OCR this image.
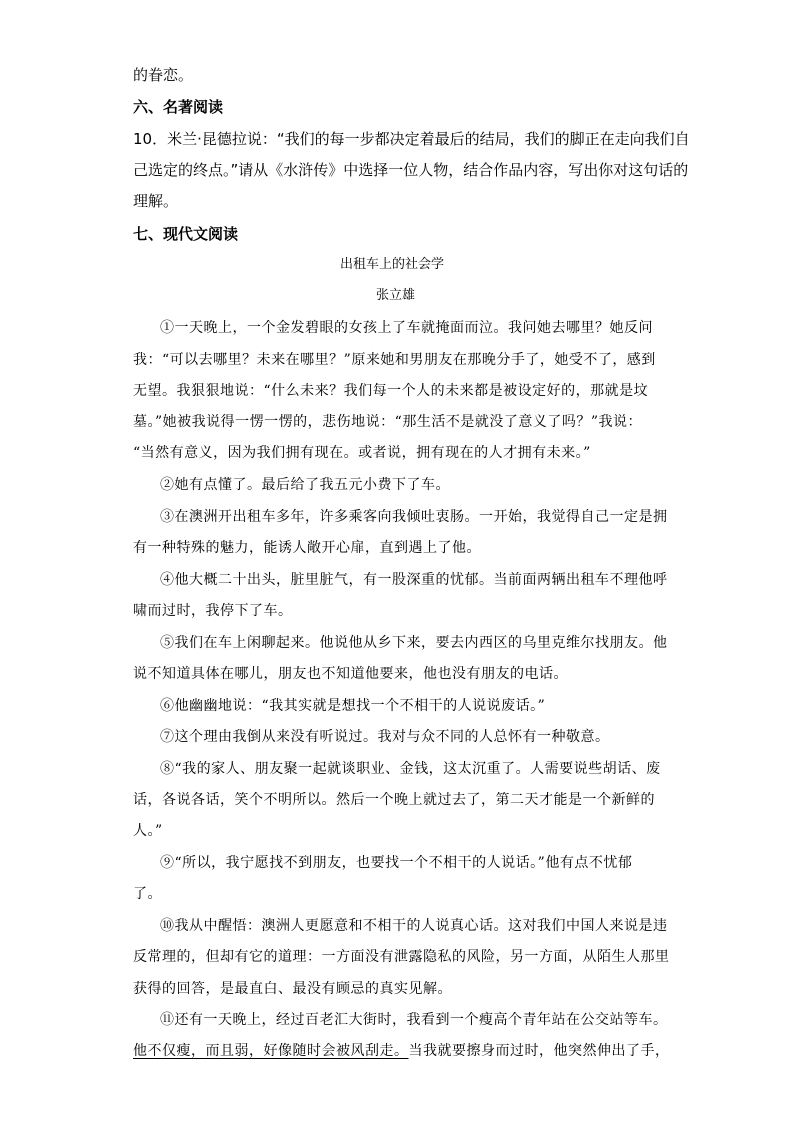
的眷恋。
六、名著阅读
10．米兰·昆德拉说：“我们的每一步都决定着最后的结局，我们的脚正在走向我们自
己选定的终点。”请从《水浒传》中选择一位人物，结合作品内容，写出你对这句话的
理解。
七、现代文阅读
出租车上的社会学
张立雄
①一天晚上，一个金发碧眼的女孩上了车就掩面而泣。我问她去哪里？她反问
我：“可以去哪里？未来在哪里？”原来她和男朋友在那晚分手了，她受不了，感到
无望。我狠狠地说：“什么未来？我们每一个人的未来都是被设定好的，那就是坟
墓。”她被我说得一愣一愣的，悲伤地说：“那生活不是就没了意义了吗？”我说：
“当然有意义，因为我们拥有现在。或者说，拥有现在的人才拥有未来。”
②她有点懂了。最后给了我五元小费下了车。
③在澳洲开出租车多年，许多乘客向我倾吐衷肠。一开始，我觉得自己一定是拥
有一种特殊的魅力，能诱人敞开心扉，直到遇上了他。
④他大概二十出头，脏里脏气，有一股深重的忧郁。当前面两辆出租车不理他呼
啸而过时，我停下了车。
⑤我们在车上闲聊起来。他说他从乡下来，要去内西区的乌里克维尔找朋友。他
说不知道具体在哪儿，朋友也不知道他要来，他也没有朋友的电话。
⑥他幽幽地说：“我其实就是想找一个不相干的人说说废话。”
⑦这个理由我倒从来没有听说过。我对与众不同的人总怀有一种敬意。
⑧“我的家人、朋友聚一起就谈职业、金钱，这太沉重了。人需要说些胡话、废
话，各说各话，笑个不明所以。然后一个晚上就过去了，第二天才能是一个新鲜的
人。”
⑨“所以，我宁愿找不到朋友，也要找一个不相干的人说话。”他有点不忧郁
了。
⑩我从中醒悟：澳洲人更愿意和不相干的人说真心话。这对我们中国人来说是违
反常理的，但却有它的道理：一方面没有泄露隐私的风险，另一方面，从陌生人那里
获得的回答，是最直白、最没有顾忌的真实见解。
⑪还有一天晚上，经过百老汇大街时，我看到一个瘦高个青年站在公交站等车。
他不仅瘦，而且弱，好像随时会被风刮走。当我就要擦身而过时，他突然伸出了手，
